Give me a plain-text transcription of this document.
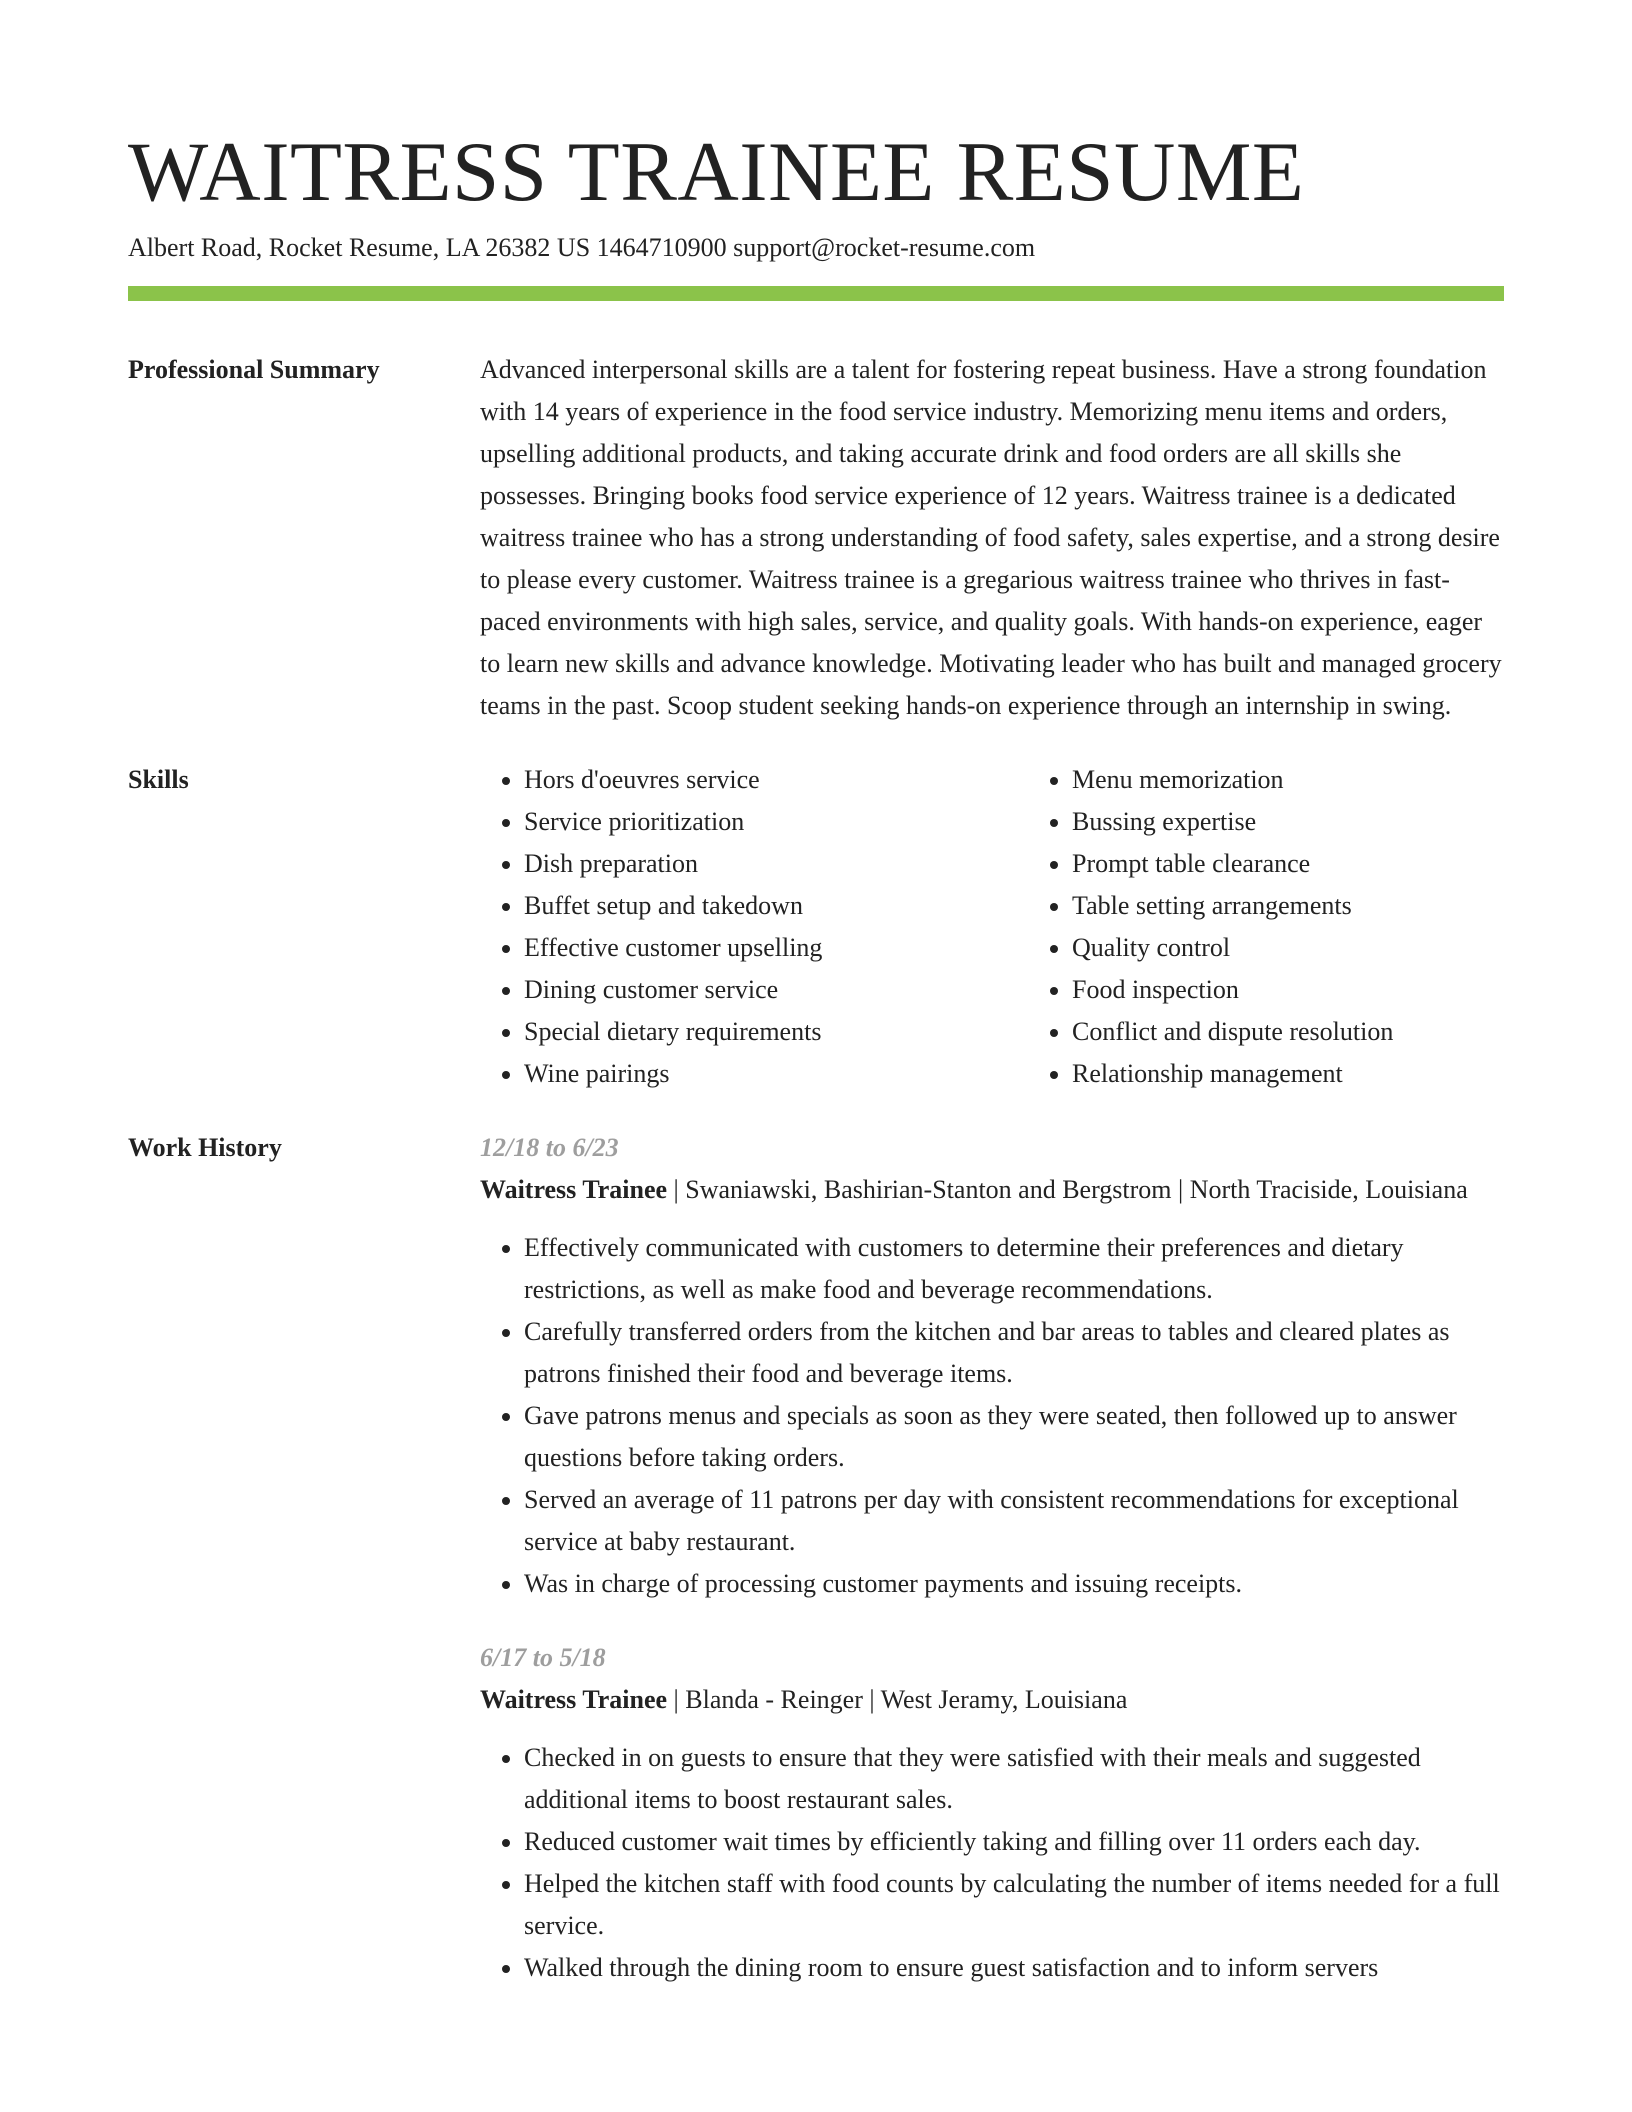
WAITRESS TRAINEE RESUME
Albert Road, Rocket Resume, LA 26382 US 1464710900 support@rocket-resume.com
Professional Summary	Advanced interpersonal skills are a talent for fostering repeat business. Have a strong foundation with 14 years of experience in the food service industry. Memorizing menu items and orders, upselling additional products, and taking accurate drink and food orders are all skills she possesses. Bringing books food service experience of 12 years. Waitress trainee is a dedicated waitress trainee who has a strong understanding of food safety, sales expertise, and a strong desire to please every customer. Waitress trainee is a gregarious waitress trainee who thrives in fast-paced environments with high sales, service, and quality goals. With hands-on experience, eager to learn new skills and advance knowledge. Motivating leader who has built and managed grocery teams in the past. Scoop student seeking hands-on experience through an internship in swing.

Skills
•	Hors d'oeuvres service
• Service prioritization
• Dish preparation
• Buffet setup and takedown
• Effective customer upselling
• Dining customer service
• Special dietary requirements
• Wine pairings
• Menu memorization
• Bussing expertise
• Prompt table clearance
• Table setting arrangements
• Quality control
• Food inspection
• Conflict and dispute resolution
• Relationship management
Work History	12/18 to 6/23
Waitress Trainee | Swaniawski, Bashirian-Stanton and Bergstrom | North Traciside, Louisiana
• Effectively communicated with customers to determine their preferences and dietary restrictions, as well as make food and beverage recommendations.
• Carefully transferred orders from the kitchen and bar areas to tables and cleared plates as patrons finished their food and beverage items.
• Gave patrons menus and specials as soon as they were seated, then followed up to answer questions before taking orders.
• Served an average of 11 patrons per day with consistent recommendations for exceptional service at baby restaurant.
• Was in charge of processing customer payments and issuing receipts.
6/17 to 5/18
Waitress Trainee | Blanda - Reinger | West Jeramy, Louisiana
• Checked in on guests to ensure that they were satisfied with their meals and suggested additional items to boost restaurant sales.
• Reduced customer wait times by efficiently taking and filling over 11 orders each day.
• Helped the kitchen staff with food counts by calculating the number of items needed for a full service.
• Walked through the dining room to ensure guest satisfaction and to inform servers
